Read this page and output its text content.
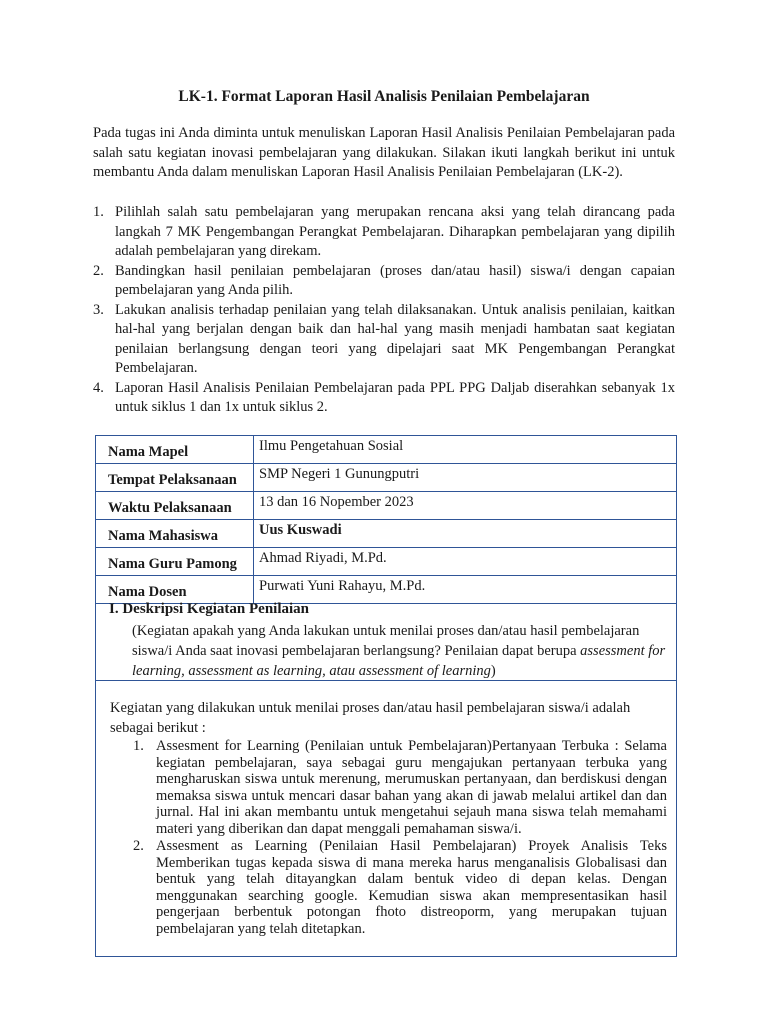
LK-1. Format Laporan Hasil Analisis Penilaian Pembelajaran

Pada tugas ini Anda diminta untuk menuliskan Laporan Hasil Analisis Penilaian Pembelajaran pada salah satu kegiatan inovasi pembelajaran yang dilakukan. Silakan ikuti langkah berikut ini untuk membantu Anda dalam menuliskan Laporan Hasil Analisis Penilaian Pembelajaran (LK-2).

1. Pilihlah salah satu pembelajaran yang merupakan rencana aksi yang telah dirancang pada langkah 7 MK Pengembangan Perangkat Pembelajaran. Diharapkan pembelajaran yang dipilih adalah pembelajaran yang direkam.
2. Bandingkan hasil penilaian pembelajaran (proses dan/atau hasil) siswa/i dengan capaian pembelajaran yang Anda pilih.
3. Lakukan analisis terhadap penilaian yang telah dilaksanakan. Untuk analisis penilaian, kaitkan hal-hal yang berjalan dengan baik dan hal-hal yang masih menjadi hambatan saat kegiatan penilaian berlangsung dengan teori yang dipelajari saat MK Pengembangan Perangkat Pembelajaran.
4. Laporan Hasil Analisis Penilaian Pembelajaran pada PPL PPG Daljab diserahkan sebanyak 1x untuk siklus 1 dan 1x untuk siklus 2.
Nama Mapel	Ilmu Pengetahuan Sosial
Tempat Pelaksanaan	SMP Negeri 1 Gunungputri
Waktu Pelaksanaan	13 dan 16 Nopember 2023
Nama Mahasiswa	Uus Kuswadi
Nama Guru Pamong	Ahmad Riyadi, M.Pd.
Nama Dosen	Purwati Yuni Rahayu, M.Pd.
I. Deskripsi Kegiatan Penilaian
(Kegiatan apakah yang Anda lakukan untuk menilai proses dan/atau hasil pembelajaran siswa/i Anda saat inovasi pembelajaran berlangsung? Penilaian dapat berupa assessment for learning, assessment as learning, atau assessment of learning)
Kegiatan yang dilakukan untuk menilai proses dan/atau hasil pembelajaran siswa/i adalah sebagai berikut :
1. Assesment for Learning (Penilaian untuk Pembelajaran)Pertanyaan Terbuka : Selama kegiatan pembelajaran, saya sebagai guru mengajukan pertanyaan terbuka yang mengharuskan siswa untuk merenung, merumuskan pertanyaan, dan berdiskusi dengan memaksa siswa untuk mencari dasar bahan yang akan di jawab melalui artikel dan dan jurnal. Hal ini akan membantu untuk mengetahui sejauh mana siswa telah memahami materi yang diberikan dan dapat menggali pemahaman siswa/i.
2. Assesment as Learning (Penilaian Hasil Pembelajaran) Proyek Analisis Teks Memberikan tugas kepada siswa di mana mereka harus menganalisis Globalisasi dan bentuk yang telah ditayangkan dalam bentuk video di depan kelas. Dengan menggunakan searching google. Kemudian siswa akan mempresentasikan hasil pengerjaan berbentuk potongan fhoto distreoporm, yang merupakan tujuan pembelajaran yang telah ditetapkan.
